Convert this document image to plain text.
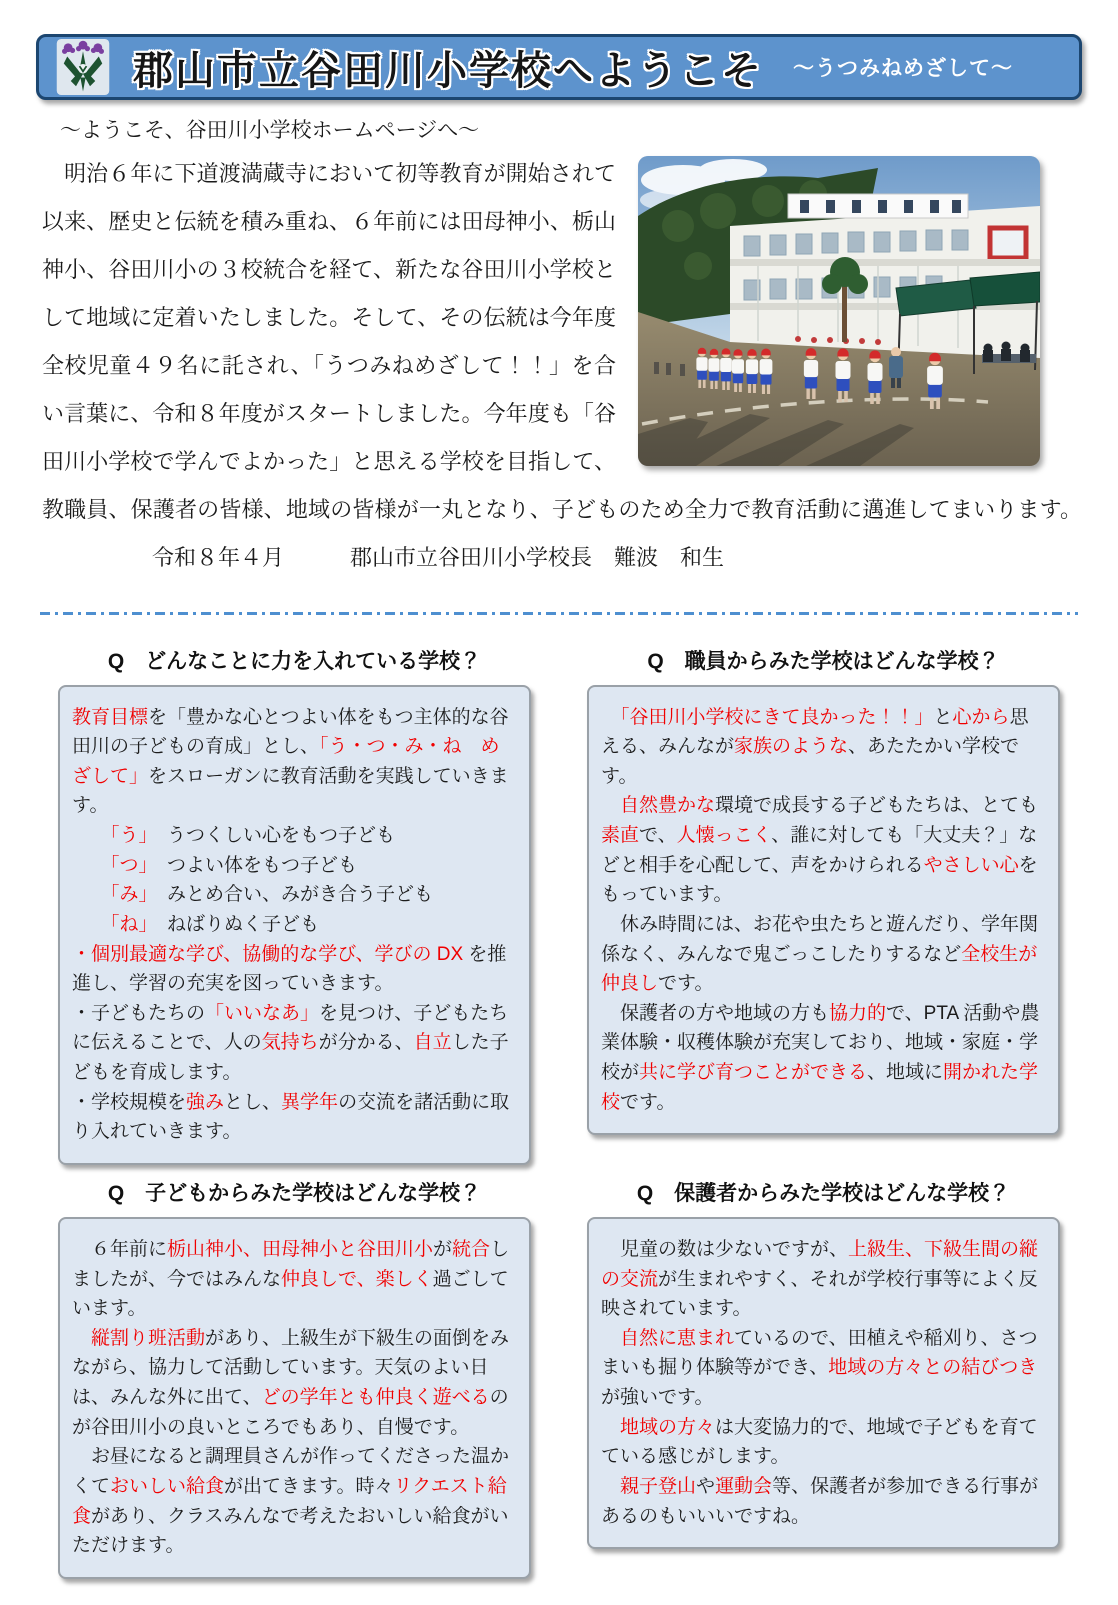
郡山市立谷田川小学校へようこそ ～うつみねめざして～

～ようこそ、谷田川小学校ホームページへ～

　明治６年に下道渡満蔵寺において初等教育が開始されて以来、歴史と伝統を積み重ね、６年前には田母神小、栃山神小、谷田川小の３校統合を経て、新たな谷田川小学校として地域に定着いたしました。そして、その伝統は今年度全校児童４９名に託され、「うつみねめざして！！」を合い言葉に、令和８年度がスタートしました。今年度も「谷田川小学校で学んでよかった」と思える学校を目指して、教職員、保護者の皆様、地域の皆様が一丸となり、子どものため全力で教育活動に邁進してまいります。令和８年４月　　　郡山市立谷田川小学校長　難波　和生

Q　どんなことに力を入れている学校？

教育目標を「豊かな心とつよい体をもつ主体的な谷田川の子どもの育成」とし、「う・つ・み・ね　めざして」をスローガンに教育活動を実践していきます。

　　「う」　うつくしい心をもつ子ども

　　「つ」　つよい体をもつ子ども

　　「み」　みとめ合い、みがき合う子ども

　　「ね」　ねばりぬく子ども

・個別最適な学び、協働的な学び、学びの DX を推進し、学習の充実を図っていきます。

・子どもたちの「いいなあ」を見つけ、子どもたちに伝えることで、人の気持ちが分かる、自立した子どもを育成します。

・学校規模を強みとし、異学年の交流を諸活動に取り入れていきます。

Q　職員からみた学校はどんな学校？

　「谷田川小学校にきて良かった！！」と心から思える、みんなが家族のような、あたたかい学校です。

　自然豊かな環境で成長する子どもたちは、とても素直で、人懐っこく、誰に対しても「大丈夫？」などと相手を心配して、声をかけられるやさしい心をもっています。

　休み時間には、お花や虫たちと遊んだり、学年関係なく、みんなで鬼ごっこしたりするなど全校生が仲良しです。

　保護者の方や地域の方も協力的で、PTA 活動や農業体験・収穫体験が充実しており、地域・家庭・学校が共に学び育つことができる、地域に開かれた学校です。

Q　子どもからみた学校はどんな学校？

　６年前に栃山神小、田母神小と谷田川小が統合しましたが、今ではみんな仲良しで、楽しく過ごしています。

　縦割り班活動があり、上級生が下級生の面倒をみながら、協力して活動しています。天気のよい日は、みんな外に出て、どの学年とも仲良く遊べるのが谷田川小の良いところでもあり、自慢です。

　お昼になると調理員さんが作ってくださった温かくておいしい給食が出てきます。時々リクエスト給食があり、クラスみんなで考えたおいしい給食がいただけます。

Q　保護者からみた学校はどんな学校？

　児童の数は少ないですが、上級生、下級生間の縦の交流が生まれやすく、それが学校行事等によく反映されています。

　自然に恵まれているので、田植えや稲刈り、さつまいも掘り体験等ができ、地域の方々との結びつきが強いです。

　地域の方々は大変協力的で、地域で子どもを育てている感じがします。

　親子登山や運動会等、保護者が参加できる行事があるのもいいいですね。
